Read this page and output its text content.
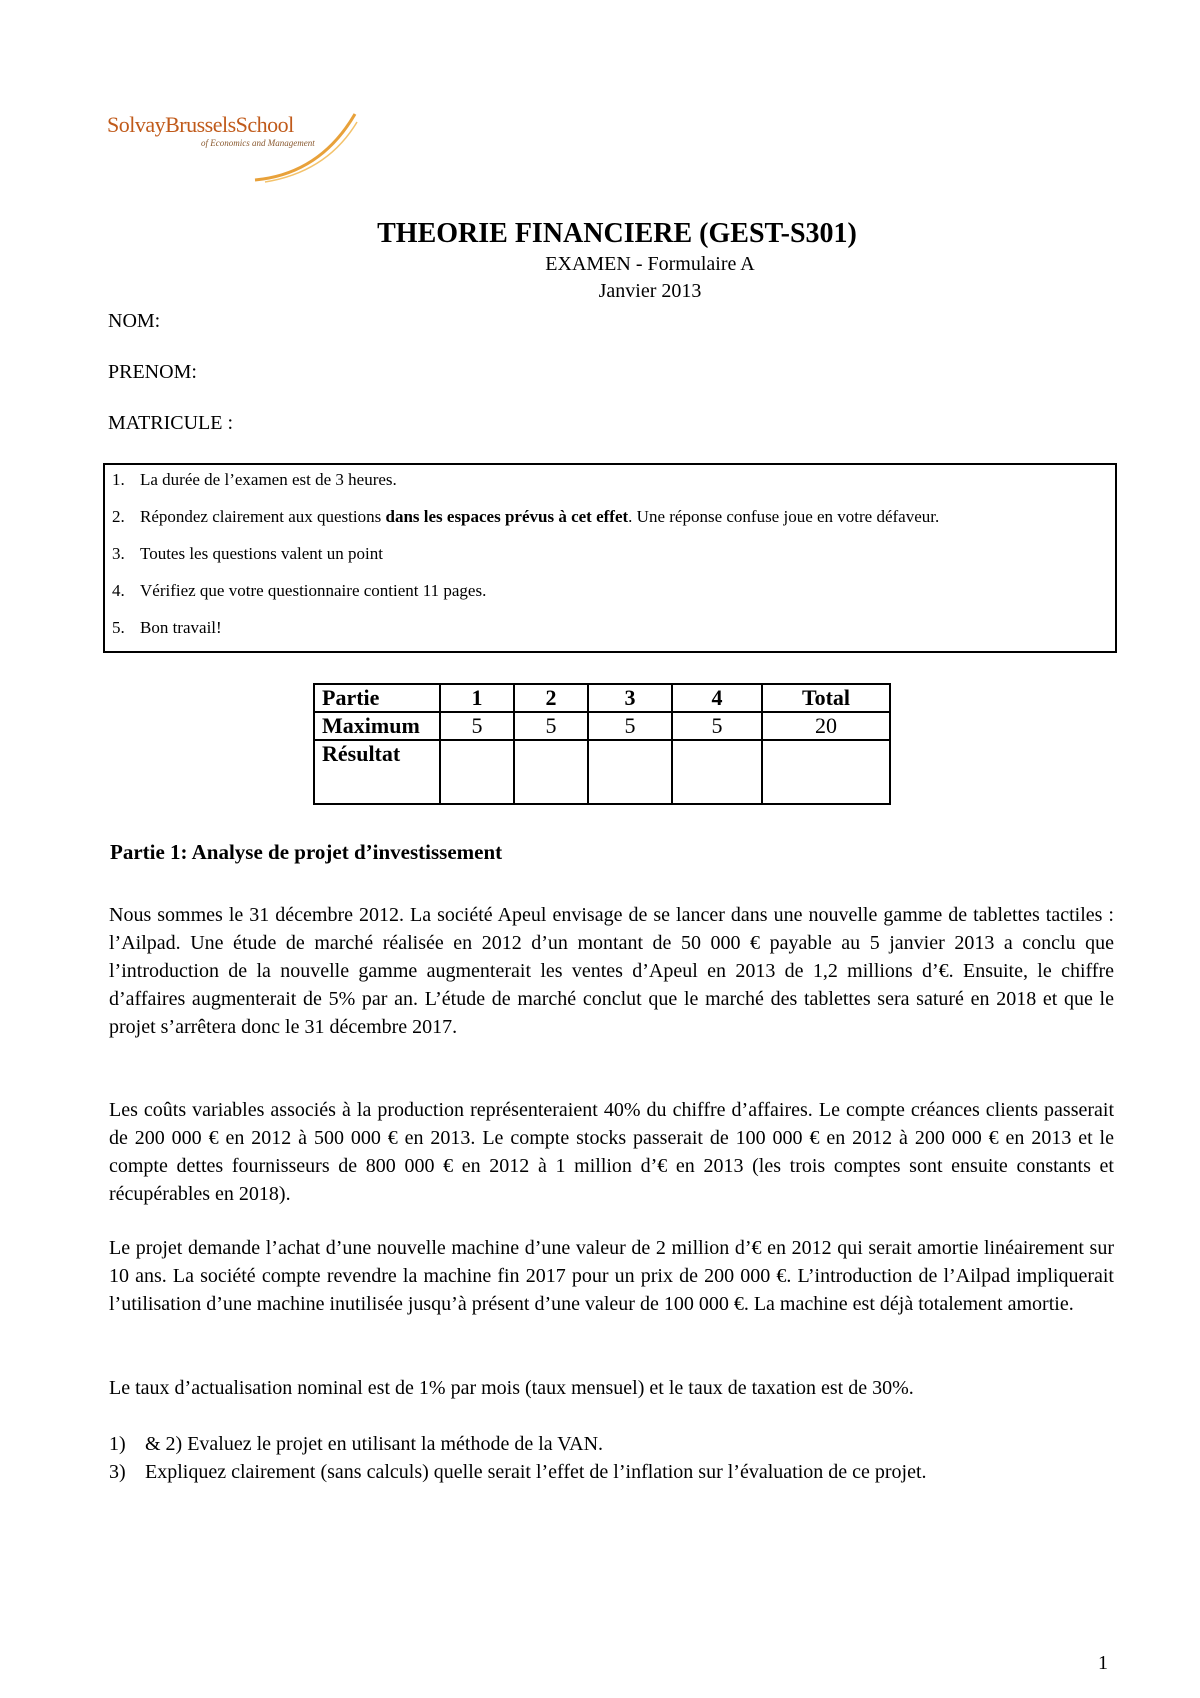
SolvayBrusselsSchool
of Economics and Management
THEORIE FINANCIERE (GEST-S301)
EXAMEN - Formulaire A
Janvier 2013
NOM:
PRENOM:
MATRICULE :
1. La durée de l’examen est de 3 heures.
2. Répondez clairement aux questions dans les espaces prévus à cet effet. Une réponse confuse joue en votre défaveur.
3. Toutes les questions valent un point
4. Vérifiez que votre questionnaire contient 11 pages.
5. Bon travail!
Partie	1	2	3	4	Total
Maximum	5	5	5	5	20
Résultat					
Partie 1: Analyse de projet d’investissement
Nous sommes le 31 décembre 2012. La société Apeul envisage de se lancer dans une nouvelle gamme de tablettes tactiles : l’Ailpad. Une étude de marché réalisée en 2012 d’un montant de 50 000 € payable au 5 janvier 2013 a conclu que l’introduction de la nouvelle gamme augmenterait les ventes d’Apeul en 2013 de 1,2 millions d’€. Ensuite, le chiffre d’affaires augmenterait de 5% par an. L’étude de marché conclut que le marché des tablettes sera saturé en 2018 et que le projet s’arrêtera donc le 31 décembre 2017.
Les coûts variables associés à la production représenteraient 40% du chiffre d’affaires. Le compte créances clients passerait de 200 000 € en 2012 à 500 000 € en 2013. Le compte stocks passerait de 100 000 € en 2012 à 200 000 € en 2013 et le compte dettes fournisseurs de 800 000 € en 2012 à 1 million d’€ en 2013 (les trois comptes sont ensuite constants et récupérables en 2018).
Le projet demande l’achat d’une nouvelle machine d’une valeur de 2 million d’€ en 2012 qui serait amortie linéairement sur 10 ans. La société compte revendre la machine fin 2017 pour un prix de 200 000 €. L’introduction de l’Ailpad impliquerait l’utilisation d’une machine inutilisée jusqu’à présent d’une valeur de 100 000 €. La machine est déjà totalement amortie.
Le taux d’actualisation nominal est de 1% par mois (taux mensuel) et le taux de taxation est de 30%.
1) & 2) Evaluez le projet en utilisant la méthode de la VAN.
3) Expliquez clairement (sans calculs) quelle serait l’effet de l’inflation sur l’évaluation de ce projet.
1
